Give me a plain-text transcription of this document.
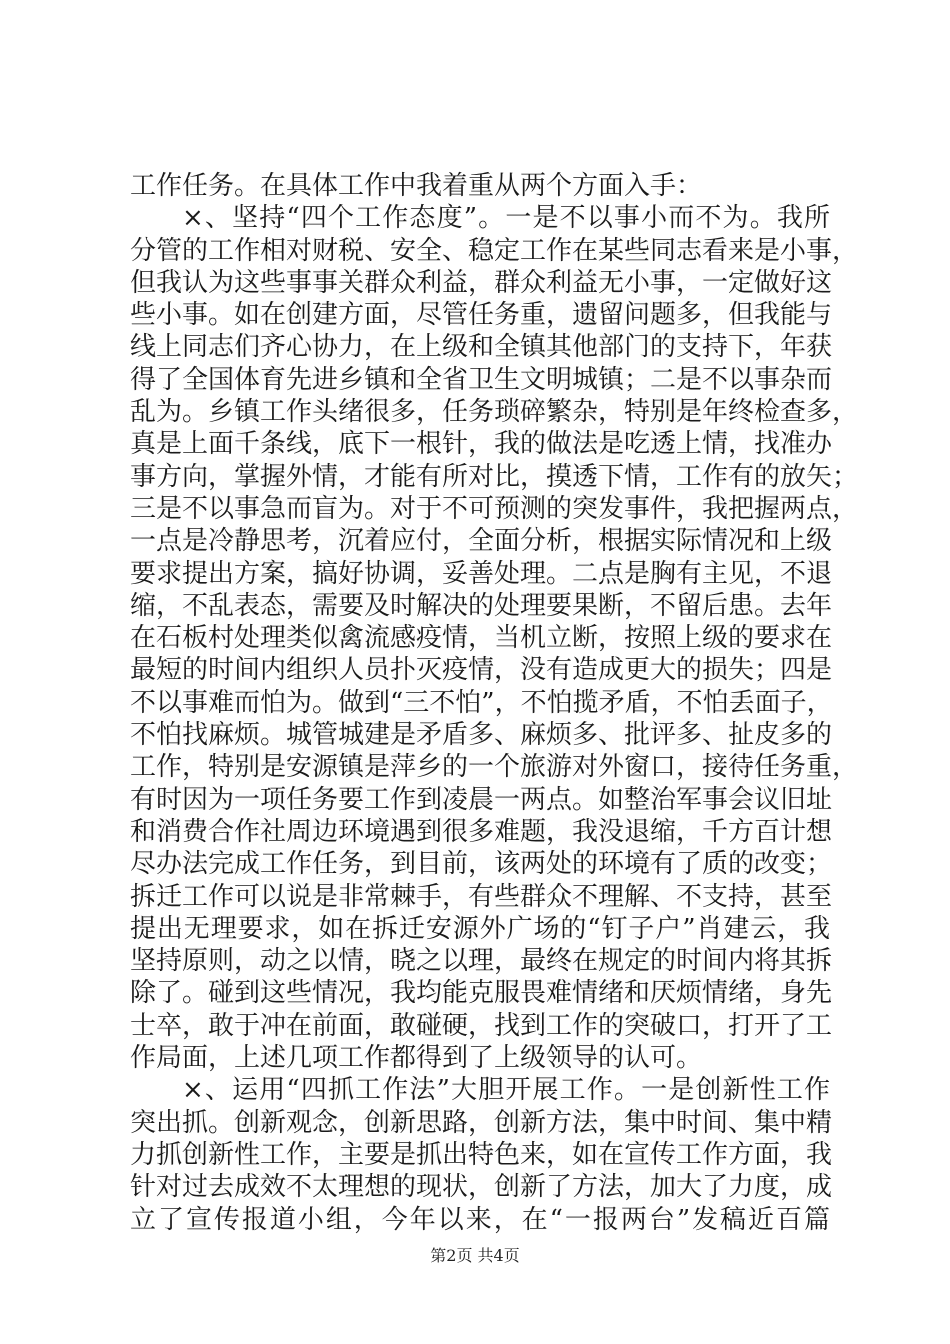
工作任务。在具体工作中我着重从两个方面入手：
×、坚持“四个工作态度”。一是不以事小而不为。我所
分管的工作相对财税、安全、稳定工作在某些同志看来是小事，
但我认为这些事事关群众利益，群众利益无小事，一定做好这
些小事。如在创建方面，尽管任务重，遗留问题多，但我能与
线上同志们齐心协力，在上级和全镇其他部门的支持下，年获
得了全国体育先进乡镇和全省卫生文明城镇；二是不以事杂而
乱为。乡镇工作头绪很多，任务琐碎繁杂，特别是年终检查多，
真是上面千条线，底下一根针，我的做法是吃透上情，找准办
事方向，掌握外情，才能有所对比，摸透下情，工作有的放矢；
三是不以事急而盲为。对于不可预测的突发事件，我把握两点，
一点是冷静思考，沉着应付，全面分析，根据实际情况和上级
要求提出方案，搞好协调，妥善处理。二点是胸有主见，不退
缩，不乱表态，需要及时解决的处理要果断，不留后患。去年
在石板村处理类似禽流感疫情，当机立断，按照上级的要求在
最短的时间内组织人员扑灭疫情，没有造成更大的损失；四是
不以事难而怕为。做到“三不怕”，不怕揽矛盾，不怕丢面子，
不怕找麻烦。城管城建是矛盾多、麻烦多、批评多、扯皮多的
工作，特别是安源镇是萍乡的一个旅游对外窗口，接待任务重，
有时因为一项任务要工作到凌晨一两点。如整治军事会议旧址
和消费合作社周边环境遇到很多难题，我没退缩，千方百计想
尽办法完成工作任务，到目前，该两处的环境有了质的改变；
拆迁工作可以说是非常棘手，有些群众不理解、不支持，甚至
提出无理要求，如在拆迁安源外广场的“钉子户”肖建云，我
坚持原则，动之以情，晓之以理，最终在规定的时间内将其拆
除了。碰到这些情况，我均能克服畏难情绪和厌烦情绪，身先
士卒，敢于冲在前面，敢碰硬，找到工作的突破口，打开了工
作局面，上述几项工作都得到了上级领导的认可。
×、运用“四抓工作法”大胆开展工作。一是创新性工作
突出抓。创新观念，创新思路，创新方法，集中时间、集中精
力抓创新性工作，主要是抓出特色来，如在宣传工作方面，我
针对过去成效不太理想的现状，创新了方法，加大了力度，成
立了宣传报道小组，今年以来，在“一报两台”发稿近百篇
第2页 共4页
